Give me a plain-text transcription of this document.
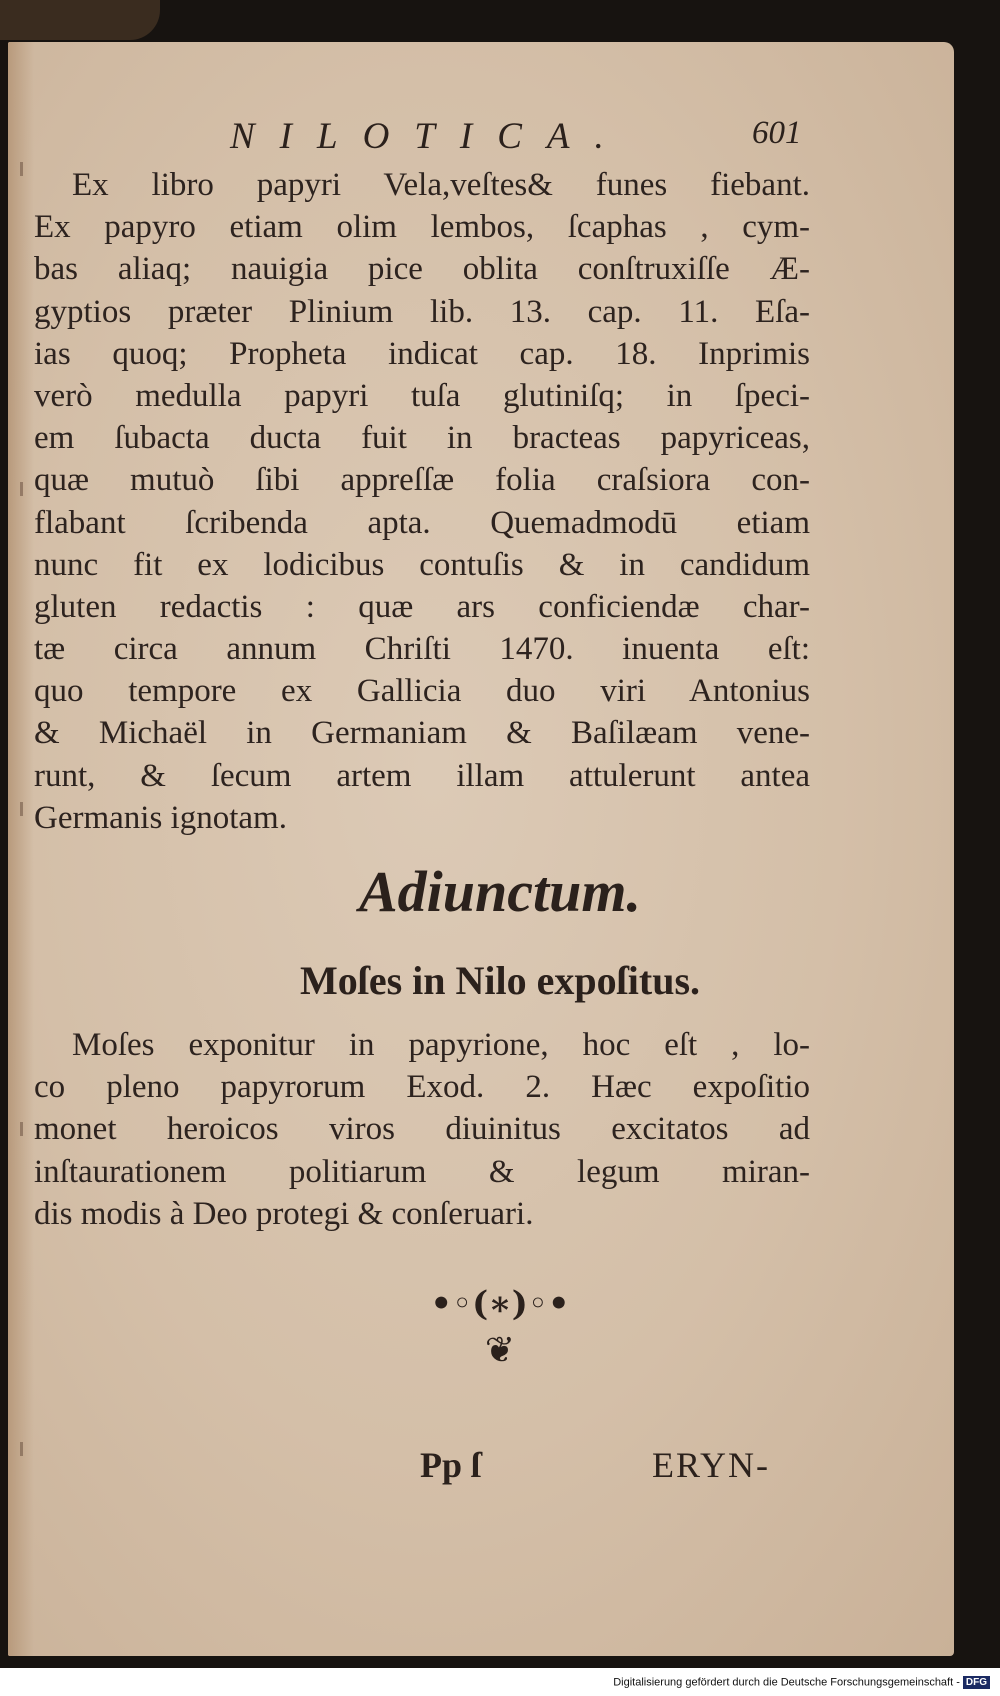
NILOTICA.	601
Ex libro papyri Vela,veſtes& funes fiebant.
Ex papyro etiam olim lembos, ſcaphas , cym-
bas aliaq; nauigia pice oblita conſtruxiſſe Æ-
gyptios præter Plinium lib. 13. cap. 11. Eſa-
ias quoq; Propheta indicat cap. 18. Inprimis
verò medulla papyri tuſa glutiniſq; in ſpeci-
em ſubacta ducta fuit in bracteas papyriceas,
quæ mutuò ſibi appreſſæ folia craſsiora con-
flabant ſcribenda apta. Quemadmodū etiam
nunc fit ex lodicibus contuſis & in candidum
gluten redactis : quæ ars conficiendæ char-
tæ circa annum Chriſti 1470. inuenta eſt:
quo tempore ex Gallicia duo viri Antonius
& Michaël in Germaniam & Baſilæam vene-
runt, & ſecum artem illam attulerunt antea
Germanis ignotam.
Adiunctum.
Moſes in Nilo expoſitus.
Moſes exponitur in papyrione, hoc eſt , lo-
co pleno papyrorum Exod. 2. Hæc expoſitio
monet heroicos viros diuinitus excitatos ad
inſtaurationem politiarum & legum miran-
dis modis à Deo protegi & conſeruari.
•◦(∗)◦•
❦
Pp ſ	ERYN-
Digitalisierung gefördert durch die Deutsche Forschungsgemeinschaft - DFG
